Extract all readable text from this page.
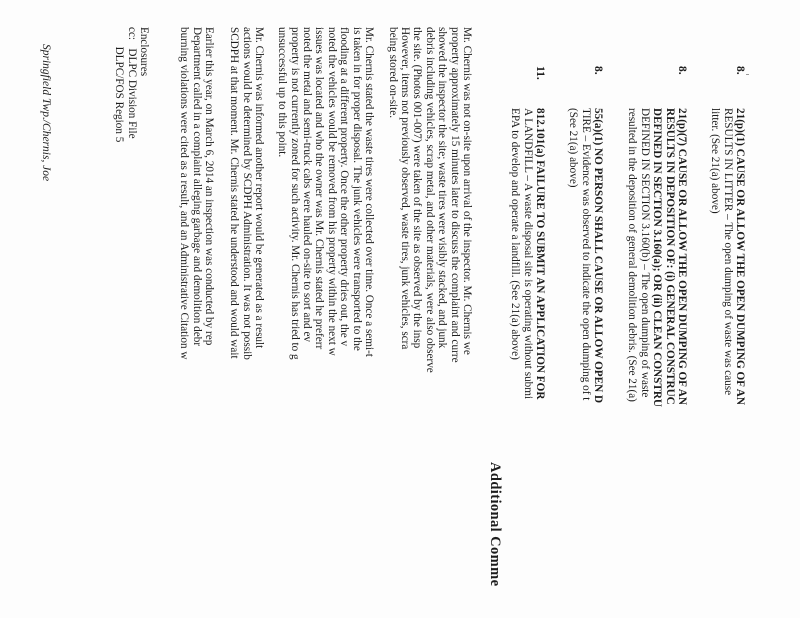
8.
21(p)(1) CAUSE OR ALLOW THE OPEN DUMPING OF AN
RESULTS IN LITTER – The open dumping of waste was cause
litter. (See 21(a) above)
8.
21(p)(7) CAUSE OR ALLOW THE OPEN DUMPING OF AN
RESULTS IN DEPOSITION OF: (i) GENERAL CONSTRUC
DEFINED IN SECTION 3.160(a); OR (ii) CLEAN CONSTRU
DEFINED IN SECTION 3.160(b) – The open dumping of waste
resulted in the deposition of general demolition debris. (See 21(a)
8.
55(a)(1) NO PERSON SHALL CAUSE OR ALLOW OPEN D
TIRE – Evidence was observed to indicate the open dumping of t
(See 21(a) above)
11.
812.101(a) FAILURE TO SUBMIT AN APPLICATION FOR
A LANDFILL – A waste disposal site is operating without submi
EPA to develop and operate a landfill. (See 21(a) above)
Additional Comme
Mr. Chernis was not on-site upon arrival of the inspector. Mr. Chernis we
property approximately 15 minutes later to discuss the complaint and curre
showed the inspector the site; waste tires were visibly stacked, and junk
debris including vehicles, scrap metal, and other materials, were also observe
the site. (Photos 001-007) were taken of the site as observed by the insp
However, items not previously observed, waste tires, junk vehicles, scra
being stored on-site.
Mr. Chernis stated the waste tires were collected over time. Once a semi-t
is taken in for proper disposal. The junk vehicles were transported to the
flooding at a different property. Once the other property dries out, the v
noted the vehicles would be removed from his property within the next w
issues was located and who the owner was Mr. Chernis stated he preferr
noted the metal and semi-truck cabs were hauled on-site to sort and ev
property is not currently zoned for such activity. Mr. Chernis has tried to g
unsuccessful up to this point.
Mr. Chernis was informed another report would be generated as a result
actions would be determined by SCDPH Administration. It was not possib
SCDPH at that moment. Mr. Chernis stated he understood and would wait
Earlier this year, on March 6, 2014 an inspection was conducted by rep
Department called in a complaint alleging garbage and demolition debr
burning violations were cited as a result, and an Administrative Citation w
Enclosures
cc:   DLPC Division File
DLPC/FOS Region 5
Springfield Twp./Chernis, Joe
